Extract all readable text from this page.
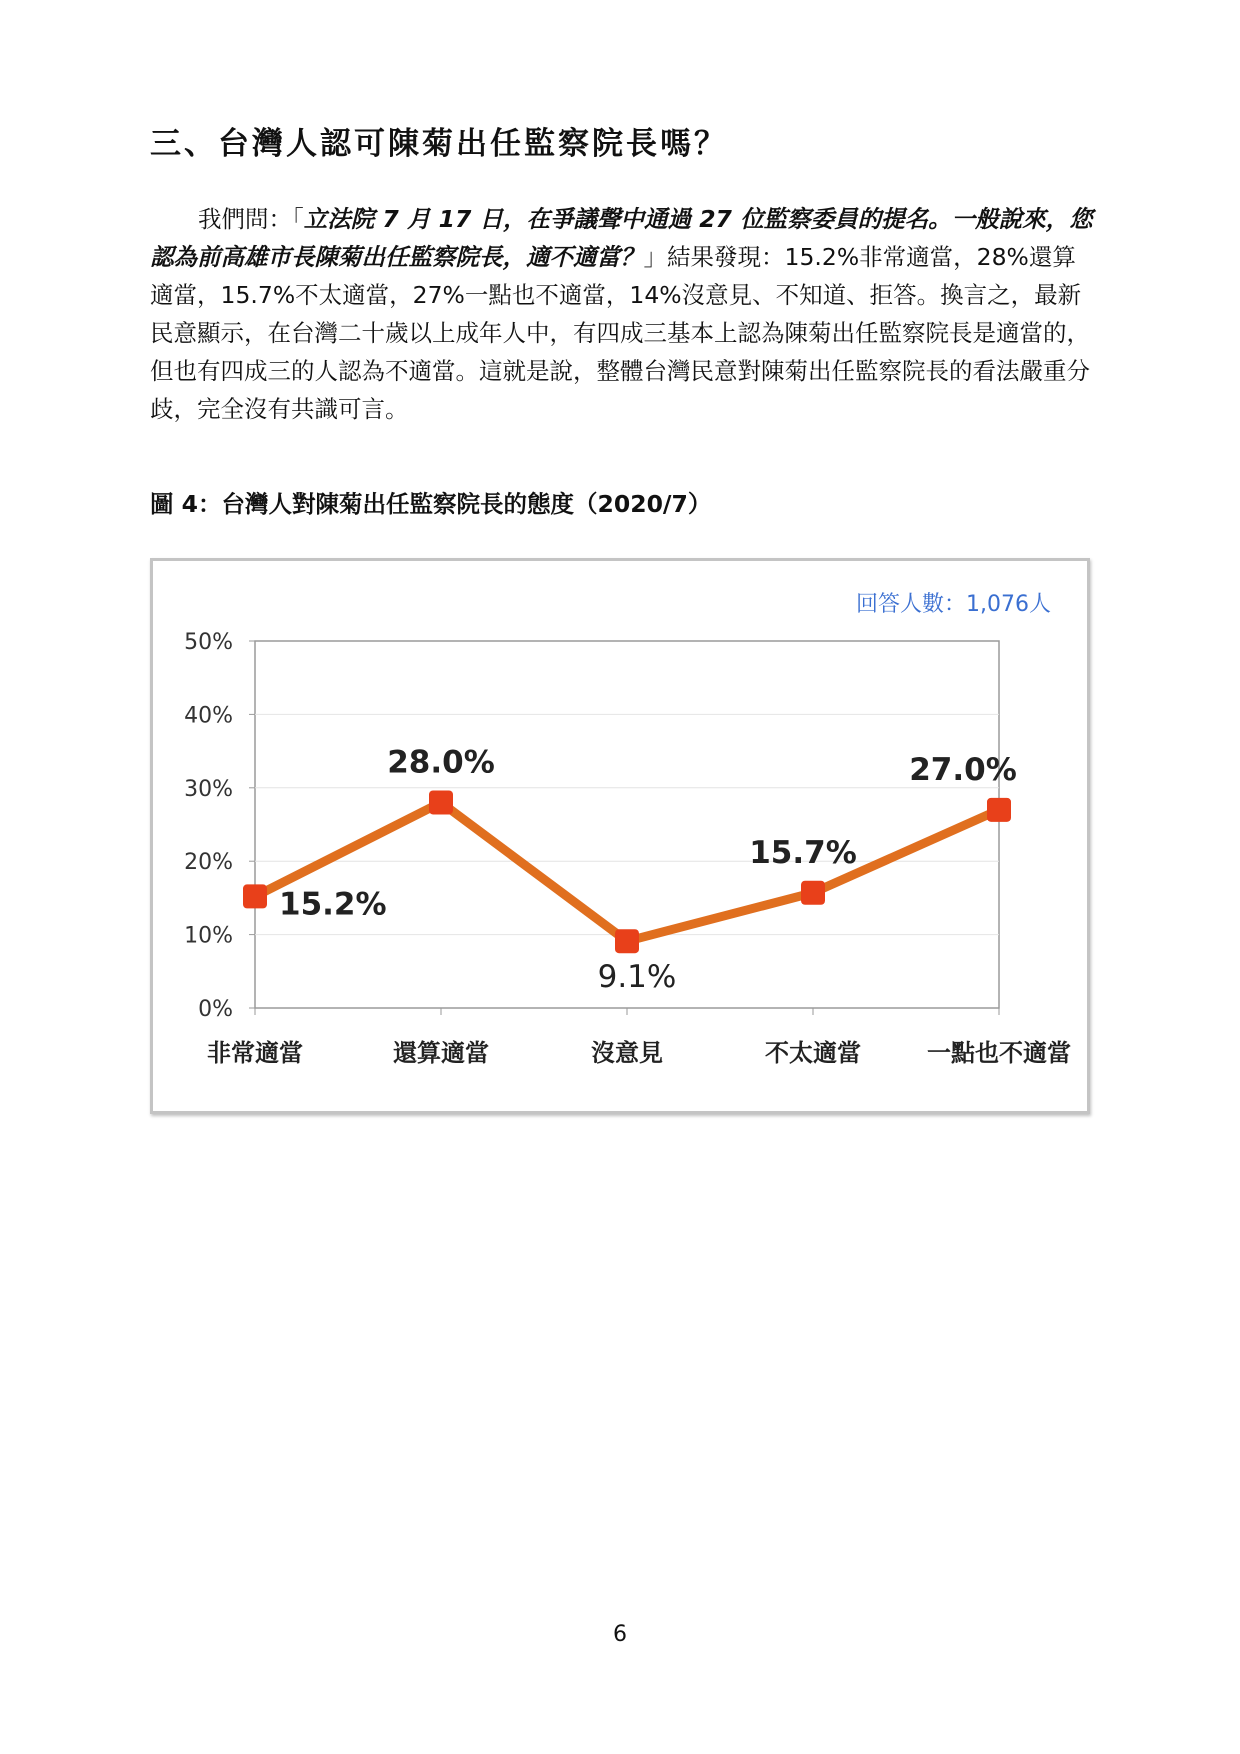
三、台灣人認可陳菊出任監察院長嗎？
我們問：「立法院 7 月 17 日，在爭議聲中通過 27 位監察委員的提名。一般說來，您認為前高雄市長陳菊出任監察院長，適不適當？」結果發現：15.2%非常適當，28%還算適當，15.7%不太適當，27%一點也不適當，14%沒意見、不知道、拒答。換言之，最新民意顯示，在台灣二十歲以上成年人中，有四成三基本上認為陳菊出任監察院長是適當的，但也有四成三的人認為不適當。這就是說，整體台灣民意對陳菊出任監察院長的看法嚴重分歧，完全沒有共識可言。
圖 4：台灣人對陳菊出任監察院長的態度（2020/7）
0%
10%
20%
30%
40%
50%
非常適當	還算適當	沒意見	不太適當	一點也不適當
15.2%
28.0%
9.1%
15.7%
27.0%
回答人數：1,076人
6
